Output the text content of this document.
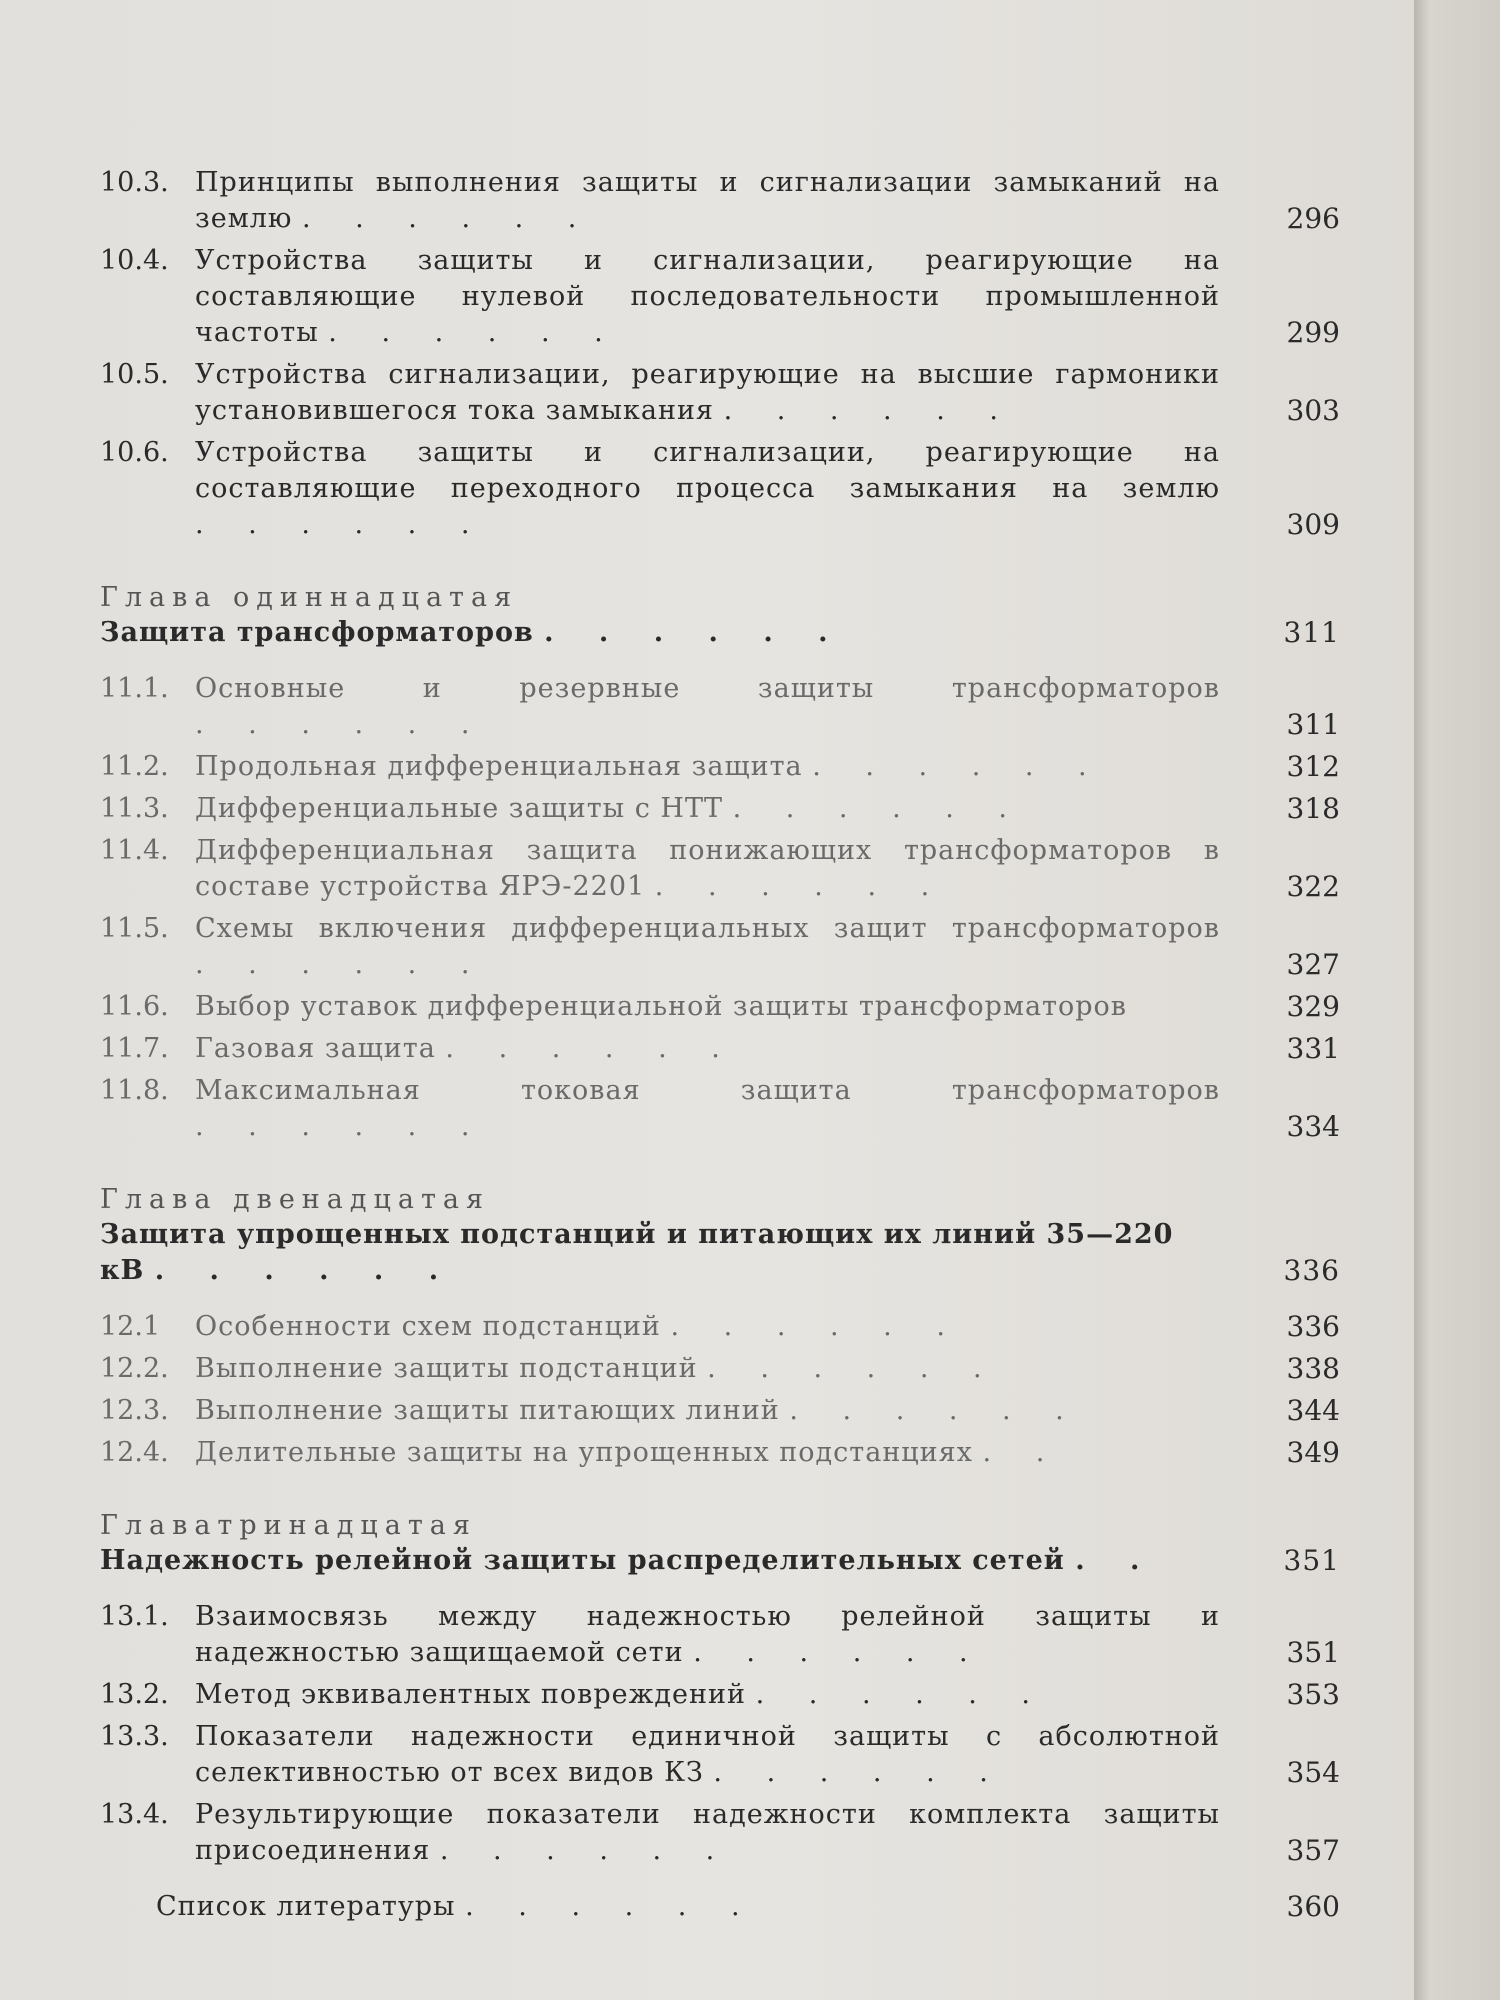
10.3. Принципы выполнения защиты и сигнализации замыканий на землю . . . . . .	296
10.4. Устройства защиты и сигнализации, реагирующие на составляющие нулевой последовательности промышленной частоты . . . . . .	299
10.5. Устройства сигнализации, реагирующие на высшие гармоники установившегося тока замыкания . . . . . .	303
10.6. Устройства защиты и сигнализации, реагирующие на составляющие переходного процесса замыкания на землю . . . . . .	309
Глава одиннадцатая
Защита трансформаторов . . . . . .	311
11.1. Основные и резервные защиты трансформаторов . . . . . .	311
11.2. Продольная дифференциальная защита . . . . . .	312
11.3. Дифференциальные защиты с НТТ . . . . . .	318
11.4. Дифференциальная защита понижающих трансформаторов в составе устройства ЯРЭ-2201 . . . . . .	322
11.5. Схемы включения дифференциальных защит трансформаторов . . . . . .	327
11.6. Выбор уставок дифференциальной защиты трансформаторов	329
11.7. Газовая защита . . . . . .	331
11.8. Максимальная токовая защита трансформаторов . . . . . .	334
Глава двенадцатая
Защита упрощенных подстанций и питающих их линий 35—220 кВ . . . . . .	336
12.1	Особенности схем подстанций . . . . . .	336
12.2. Выполнение защиты подстанций . . . . . .	338
12.3. Выполнение защиты питающих линий . . . . . .	344
12.4. Делительные защиты на упрощенных подстанциях . .	349
Главатринадцатая
Надежность релейной защиты распределительных сетей . .	351
13.1. Взаимосвязь между надежностью релейной защиты и надежностью защищаемой сети . . . . . .	351
13.2. Метод эквивалентных повреждений . . . . . .	353
13.3. Показатели надежности единичной защиты с абсолютной селективностью от всех видов КЗ . . . . . .	354
13.4. Результирующие показатели надежности комплекта защиты присоединения . . . . . .	357
Список литературы . . . . . .	360
